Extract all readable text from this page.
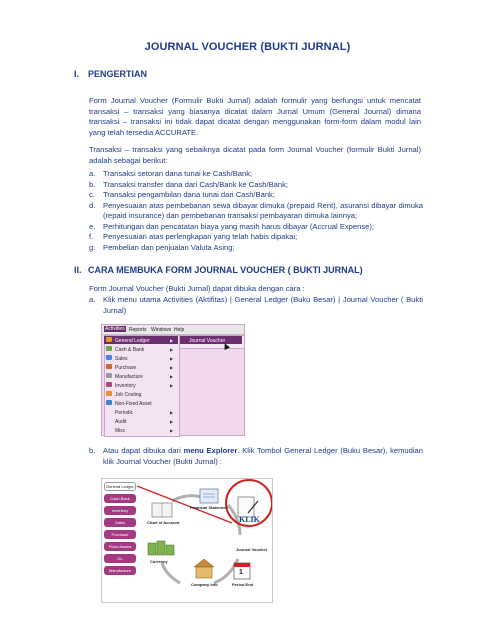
JOURNAL VOUCHER (BUKTI JURNAL)
I. PENGERTIAN
Form Journal Voucher (Formulir Bukti Jurnal) adalah formulir yang berfungsi untuk mencatat transaksi – transaksi yang biasanya dicatat dalam Jurnal Umum (General Journal) dimana transaksi – transaksi ini tidak dapat dicatat dengan menggunakan form-form dalam modul lain yang telah tersedia ACCURATE.
Transaksi – transaksi yang sebaiknya dicatat pada form Journal Voucher (formulir Bukti Jurnal) adalah sebagai berikut:
a. Transaksi setoran dana tunai ke Cash/Bank;
b. Transaksi transfer dana dari Cash/Bank ke Cash/Bank;
c. Transaksi pengambilan dana tunai dari Cash/Bank;
d. Penyesuaian atas pembebanan sewa dibayar dimuka (prepaid Rent), asuransi dibayar dimuka (repaid insurance) dan pembebanan transaksi pembayaran dimuka lainnya;
e. Perhitungan dan pencatatan biaya yang masih harus dibayar (Accrual Expense);
f. Penyesuaian atas perlengkapan yang telah habis dipakai;
g. Pembelian dan penjualan Valuta Asing;
II. CARA MEMBUKA FORM JOURNAL VOUCHER ( BUKTI JURNAL)
Form Journal Voucher (Bukti Jurnal) dapat dibuka dengan cara :
a. Klik menu utama Activities (Aktifitas) | General Ledger (Buku Besar) | Journal Voucher ( Bukti Jurnal)
Activities Reports Windows Help
General Ledger	▶
Cash & Bank	▶
Sales	▶
Purchase	▶
Manufacture	▶
Inventory	▶
Job Costing
Non-Fixed Asset
Periodic	▶
Audit	▶
Misc	▶
Journal Voucher
b. Atau dapat dibuka dari menu Explorer. Klik Tombol General Ledger (Buku Besar), kemudian klik Journal Voucher (Bukti Jurnal) :
General Ledger
Cash Bank
Inventory
Sales
Purchase
Fixed Assets
GL
Manufacture	1
KLIK
Chart of Account
Financial Statement
Journal Voucher
Currency
Company Info	Period End
